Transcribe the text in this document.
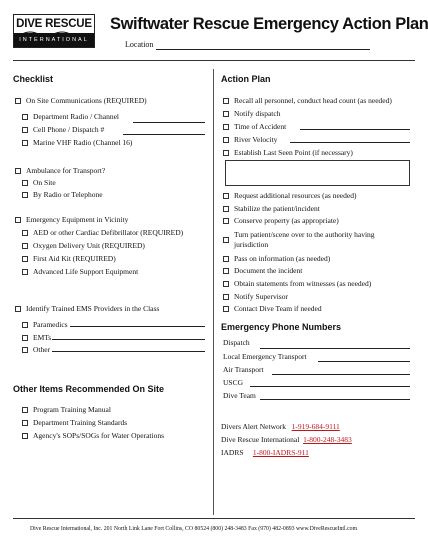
DIVE RESCUE
INTERNATIONAL
Swiftwater Rescue Emergency Action Plan
Location
Checklist
On Site Communications (REQUIRED)
Department Radio / Channel
Cell Phone / Dispatch #
Marine VHF Radio (Channel 16)
Ambulance for Transport?
On Site
By Radio or Telephone
Emergency Equipment in Vicinity
AED or other Cardiac Defibrillator (REQUIRED)
Oxygen Delivery Unit (REQUIRED)
First Aid Kit (REQUIRED)
Advanced Life Support Equipment
Identify Trained EMS Providers in the Class
Paramedics
EMTs
Other
Other Items Recommended On Site
Program Training Manual
Department Training Standards
Agency's SOPs/SOGs for Water Operations
Action Plan
Recall all personnel, conduct head count (as needed)
Notify dispatch
Time of Accident
River Velocity
Establish Last Seen Point (if necessary)
Request additional resources (as needed)
Stabilize the patient/incident
Conserve property (as appropriate)
Turn patient/scene over to the authority having
jurisdiction
Pass on information (as needed)
Document the incident
Obtain statements from witnesses (as needed)
Notify Supervisor
Contact Dive Team if needed
Emergency Phone Numbers
Dispatch
Local Emergency Transport
Air Transport
USCG
Dive Team
Divers Alert Network 1-919-684-9111
Dive Rescue International 1-800-248-3483
IADRS 1-800-IADRS-911
Dive Rescue International, Inc. 201 North Link Lane Fort Collins, CO 80524 (800) 248-3483 Fax (970) 482-0893 www.DiveRescueIntl.com
